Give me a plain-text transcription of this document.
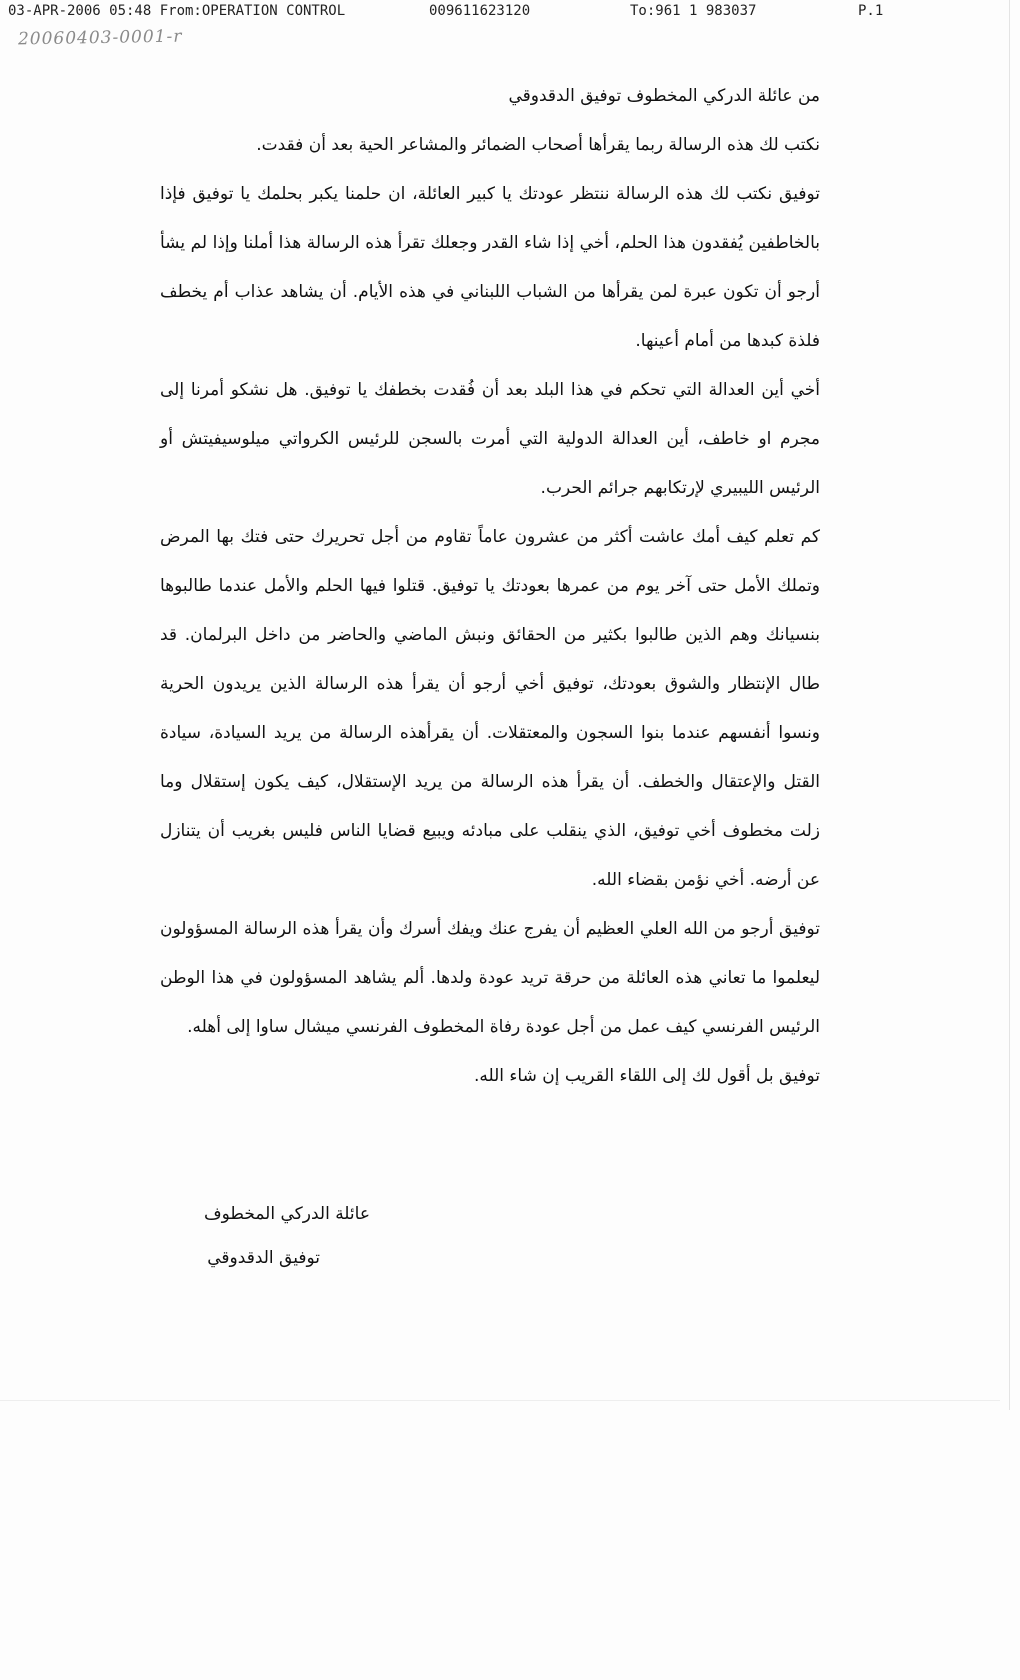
03-APR-2006 05:48 From:OPERATION CONTROL	009611623120	To:961 1 983037	P.1
20060403-0001-r

من عائلة الدركي المخطوف توفيق الدقدوقي

نكتب لك هذه الرسالة ربما يقرأها أصحاب الضمائر والمشاعر الحية بعد أن فقدت.

توفيق نكتب لك هذه الرسالة ننتظر عودتك يا كبير العائلة، ان حلمنا يكبر بحلمك يا توفيق فإذا بالخاطفين يُفقدون هذا الحلم، أخي إذا شاء القدر وجعلك تقرأ هذه الرسالة هذا أملنا وإذا لم يشأ أرجو أن تكون عبرة لمن يقرأها من الشباب اللبناني في هذه الأيام. أن يشاهد عذاب أم يخطف فلذة كبدها من أمام أعينها.

أخي أين العدالة التي تحكم في هذا البلد بعد أن فُقدت بخطفك يا توفيق. هل نشكو أمرنا إلى مجرم او خاطف، أين العدالة الدولية التي أمرت بالسجن للرئيس الكرواتي ميلوسيفيتش أو الرئيس الليبيري لإرتكابهم جرائم الحرب.

كم تعلم كيف أمك عاشت أكثر من عشرون عاماً تقاوم من أجل تحريرك حتى فتك بها المرض وتملك الأمل حتى آخر يوم من عمرها بعودتك يا توفيق. قتلوا فيها الحلم والأمل عندما طالبوها بنسيانك وهم الذين طالبوا بكثير من الحقائق ونبش الماضي والحاضر من داخل البرلمان. قد طال الإنتظار والشوق بعودتك، توفيق أخي أرجو أن يقرأ هذه الرسالة الذين يريدون الحرية ونسوا أنفسهم عندما بنوا السجون والمعتقلات. أن يقرأهذه الرسالة من يريد السيادة، سيادة القتل والإعتقال والخطف. أن يقرأ هذه الرسالة من يريد الإستقلال، كيف يكون إستقلال وما زلت مخطوف أخي توفيق، الذي ينقلب على مبادئه ويبيع قضايا الناس فليس بغريب أن يتنازل عن أرضه. أخي نؤمن بقضاء الله.

توفيق أرجو من الله العلي العظيم أن يفرج عنك ويفك أسرك وأن يقرأ هذه الرسالة المسؤولون ليعلموا ما تعاني هذه العائلة من حرقة تريد عودة ولدها. ألم يشاهد المسؤولون في هذا الوطن الرئيس الفرنسي كيف عمل من أجل عودة رفاة المخطوف الفرنسي ميشال ساوا إلى أهله.

توفيق بل أقول لك إلى اللقاء القريب إن شاء الله.

عائلة الدركي المخطوف
توفيق الدقدوقي
